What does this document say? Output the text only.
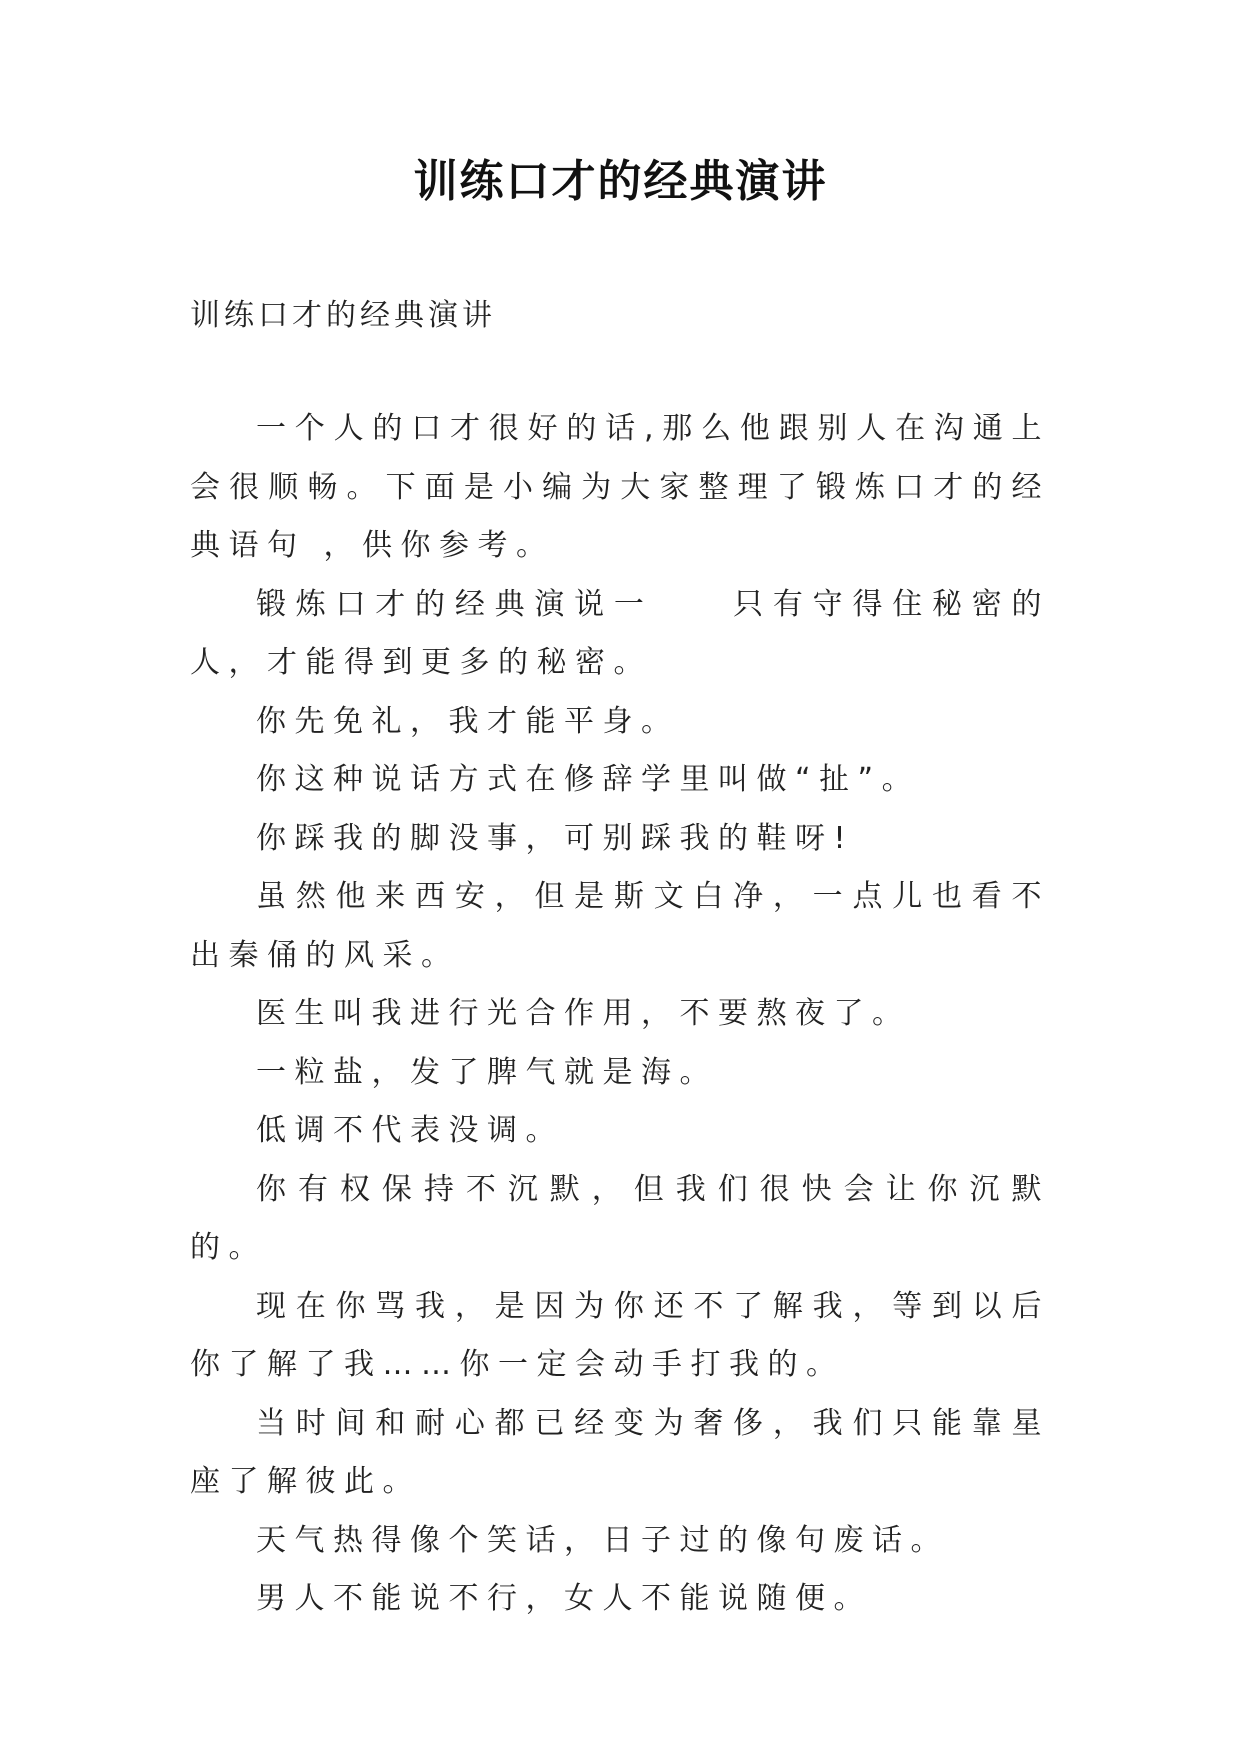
训练口才的经典演讲
训练口才的经典演讲

一个人的口才很好的话,那么他跟别人在沟通上会很顺畅。下面是小编为大家整理了锻炼口才的经典语句 ，供你参考。

锻炼口才的经典演说一　　只有守得住秘密的人，才能得到更多的秘密。

你先免礼，我才能平身。

你这种说话方式在修辞学里叫做“扯”。

你踩我的脚没事，可别踩我的鞋呀!

虽然他来西安，但是斯文白净，一点儿也看不出秦俑的风采。

医生叫我进行光合作用，不要熬夜了。

一粒盐，发了脾气就是海。

低调不代表没调。

你有权保持不沉默，但我们很快会让你沉默的。

现在你骂我，是因为你还不了解我，等到以后你了解了我……你一定会动手打我的。

当时间和耐心都已经变为奢侈，我们只能靠星座了解彼此。

天气热得像个笑话，日子过的像句废话。

男人不能说不行，女人不能说随便。
